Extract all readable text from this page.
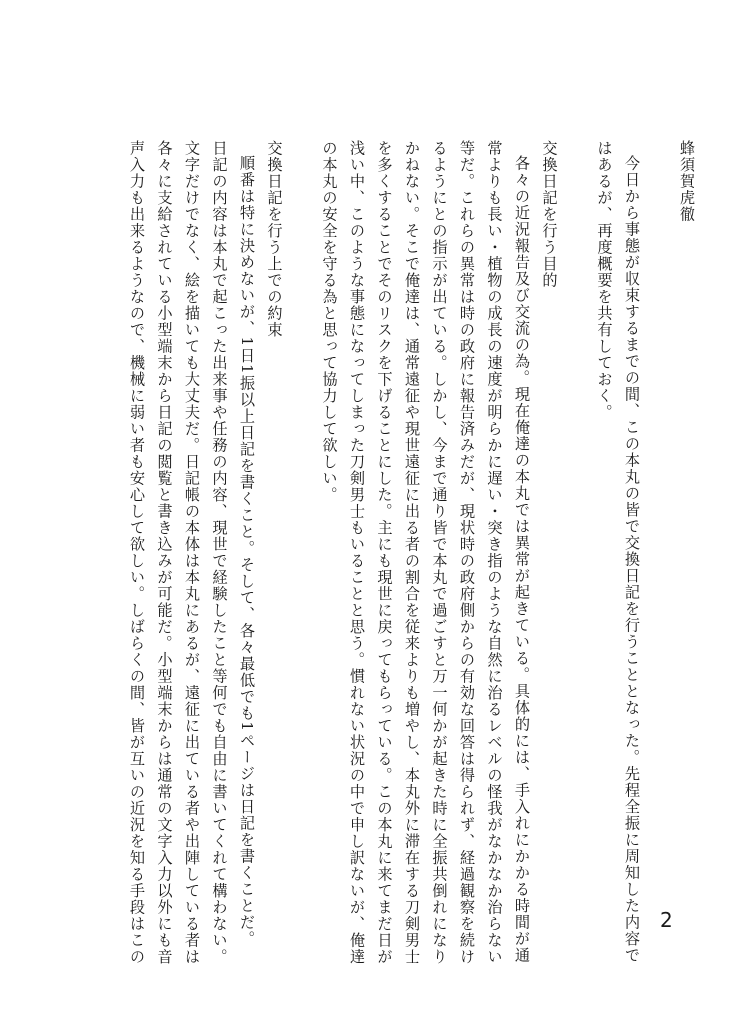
蜂須賀虎徹
今日から事態が収束するまでの間、この本丸の皆で交換日記を行うこととなった。先程全振に周知した内容で
はあるが、再度概要を共有しておく。
交換日記を行う目的
各々の近況報告及び交流の為。現在俺達の本丸では異常が起きている。具体的には、手入れにかかる時間が通
常よりも長い・植物の成長の速度が明らかに遅い・突き指のような自然に治るレベルの怪我がなかなか治らない
等だ。これらの異常は時の政府に報告済みだが、現状時の政府側からの有効な回答は得られず、経過観察を続け
るようにとの指示が出ている。しかし、今まで通り皆で本丸で過ごすと万一何かが起きた時に全振共倒れになり
かねない。そこで俺達は、通常遠征や現世遠征に出る者の割合を従来よりも増やし、本丸外に滞在する刀剣男士
を多くすることでそのリスクを下げることにした。主にも現世に戻ってもらっている。この本丸に来てまだ日が
浅い中、このような事態になってしまった刀剣男士もいることと思う。慣れない状況の中で申し訳ないが、俺達
の本丸の安全を守る為と思って協力して欲しい。
交換日記を行う上での約束
順番は特に決めないが、1日1振以上日記を書くこと。そして、各々最低でも1ページは日記を書くことだ。
日記の内容は本丸で起こった出来事や任務の内容、現世で経験したこと等何でも自由に書いてくれて構わない。
文字だけでなく、絵を描いても大丈夫だ。日記帳の本体は本丸にあるが、遠征に出ている者や出陣している者は
各々に支給されている小型端末から日記の閲覧と書き込みが可能だ。小型端末からは通常の文字入力以外にも音
声入力も出来るようなので、機械に弱い者も安心して欲しい。しばらくの間、皆が互いの近況を知る手段はこの	2
